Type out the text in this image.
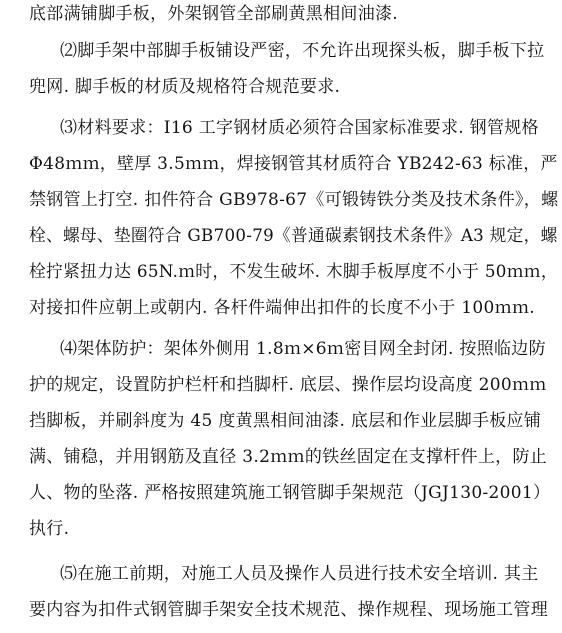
底部满铺脚手板，外架钢管全部刷黄黑相间油漆.
⑵脚手架中部脚手板铺设严密，不允许出现探头板，脚手板下拉
兜网. 脚手板的材质及规格符合规范要求.
⑶材料要求：I16 工字钢材质必须符合国家标准要求. 钢管规格
Φ48ｍｍ，壁厚 3.5ｍｍ，焊接钢管其材质符合 YB242-63 标准，严
禁钢管上打空. 扣件符合 GB978-67《可锻铸铁分类及技术条件》，螺
栓、螺母、垫圈符合 GB700-79《普通碳素钢技术条件》A3 规定，螺
栓拧紧扭力达 65N.ｍ时，不发生破坏. 木脚手板厚度不小于 50ｍｍ，
对接扣件应朝上或朝内. 各杆件端伸出扣件的长度不小于 100ｍｍ.
⑷架体防护：架体外侧用 1.8ｍ×6ｍ密目网全封闭. 按照临边防
护的规定，设置防护栏杆和挡脚杆. 底层、操作层均设高度 200ｍｍ
挡脚板，并刷斜度为 45 度黄黑相间油漆. 底层和作业层脚手板应铺
满、铺稳，并用钢筋及直径 3.2ｍｍ的铁丝固定在支撑杆件上，防止
人、物的坠落. 严格按照建筑施工钢管脚手架规范（JGJ130-2001）
执行.
⑸在施工前期，对施工人员及操作人员进行技术安全培训. 其主
要内容为扣件式钢管脚手架安全技术规范、操作规程、现场施工管理
